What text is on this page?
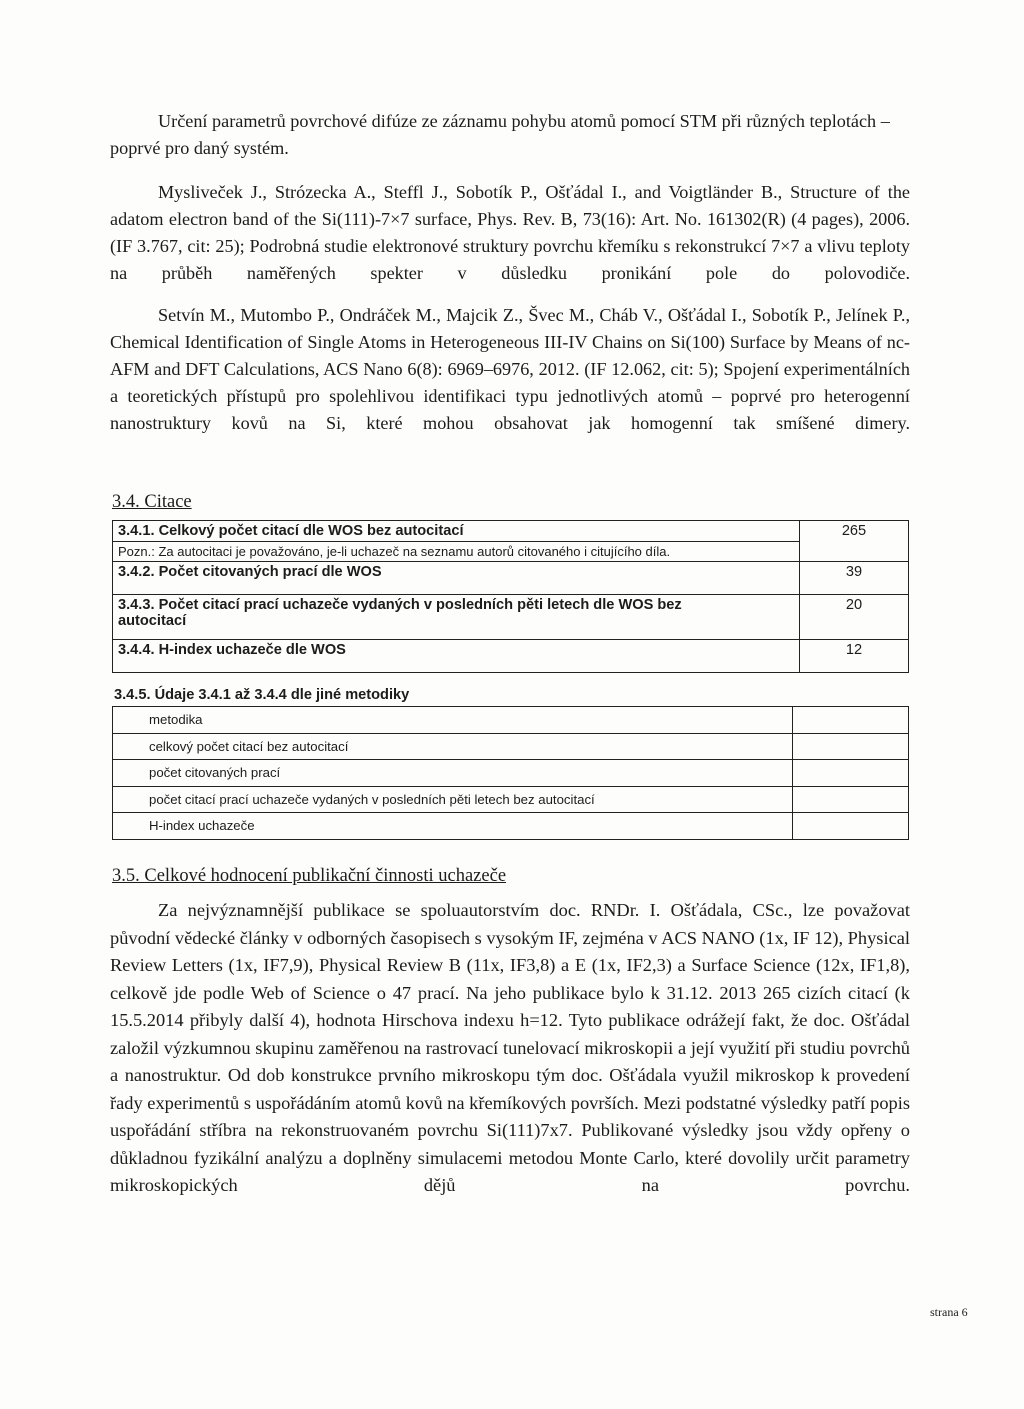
Určení parametrů povrchové difúze ze záznamu pohybu atomů pomocí STM při různých teplotách – poprvé pro daný systém.

Mysliveček J., Strózecka A., Steffl J., Sobotík P., Ošťádal I., and Voigtländer B., Structure of the adatom electron band of the Si(111)-7×7 surface, Phys. Rev. B, 73(16): Art. No. 161302(R) (4 pages), 2006. (IF 3.767, cit: 25); Podrobná studie elektronové struktury povrchu křemíku s rekonstrukcí 7×7 a vlivu teploty na průběh naměřených spekter v důsledku pronikání pole do polovodiče.

Setvín M., Mutombo P., Ondráček M., Majcik Z., Švec M., Cháb V., Ošťádal I., Sobotík P., Jelínek P., Chemical Identification of Single Atoms in Heterogeneous III-IV Chains on Si(100) Surface by Means of nc-AFM and DFT Calculations, ACS Nano 6(8): 6969–6976, 2012. (IF 12.062, cit: 5); Spojení experimentálních a teoretických přístupů pro spolehlivou identifikaci typu jednotlivých atomů – poprvé pro heterogenní nanostruktury kovů na Si, které mohou obsahovat jak homogenní tak smíšené dimery.

3.4. Citace
3.4.1. Celkový počet citací dle WOS bez autocitací	265
Pozn.: Za autocitaci je považováno, je-li uchazeč na seznamu autorů citovaného i citujícího díla.	
3.4.2. Počet citovaných prací dle WOS	39
3.4.3. Počet citací prací uchazeče vydaných v posledních pěti letech dle WOS bez autocitací	20
3.4.4. H-index uchazeče dle WOS	12
3.4.5. Údaje 3.4.1 až 3.4.4 dle jiné metodiky
metodika	
celkový počet citací bez autocitací	
počet citovaných prací	
počet citací prací uchazeče vydaných v posledních pěti letech bez autocitací	
H-index uchazeče	
3.5. Celkové hodnocení publikační činnosti uchazeče

Za nejvýznamnější publikace se spoluautorstvím doc. RNDr. I. Ošťádala, CSc., lze považovat původní vědecké články v odborných časopisech s vysokým IF, zejména v ACS NANO (1x, IF 12), Physical Review Letters (1x, IF7,9), Physical Review B (11x, IF3,8) a E (1x, IF2,3) a Surface Science (12x, IF1,8), celkově jde podle Web of Science o 47 prací. Na jeho publikace bylo k 31.12. 2013 265 cizích citací (k 15.5.2014 přibyly další 4), hodnota Hirschova indexu h=12. Tyto publikace odrážejí fakt, že doc. Ošťádal založil výzkumnou skupinu zaměřenou na rastrovací tunelovací mikroskopii a její využití při studiu povrchů a nanostruktur. Od dob konstrukce prvního mikroskopu tým doc. Ošťádala využil mikroskop k provedení řady experimentů s uspořádáním atomů kovů na křemíkových površích. Mezi podstatné výsledky patří popis uspořádání stříbra na rekonstruovaném povrchu Si(111)7x7. Publikované výsledky jsou vždy opřeny o důkladnou fyzikální analýzu a doplněny simulacemi metodou Monte Carlo, které dovolily určit parametry mikroskopických dějů na povrchu.

strana 6
